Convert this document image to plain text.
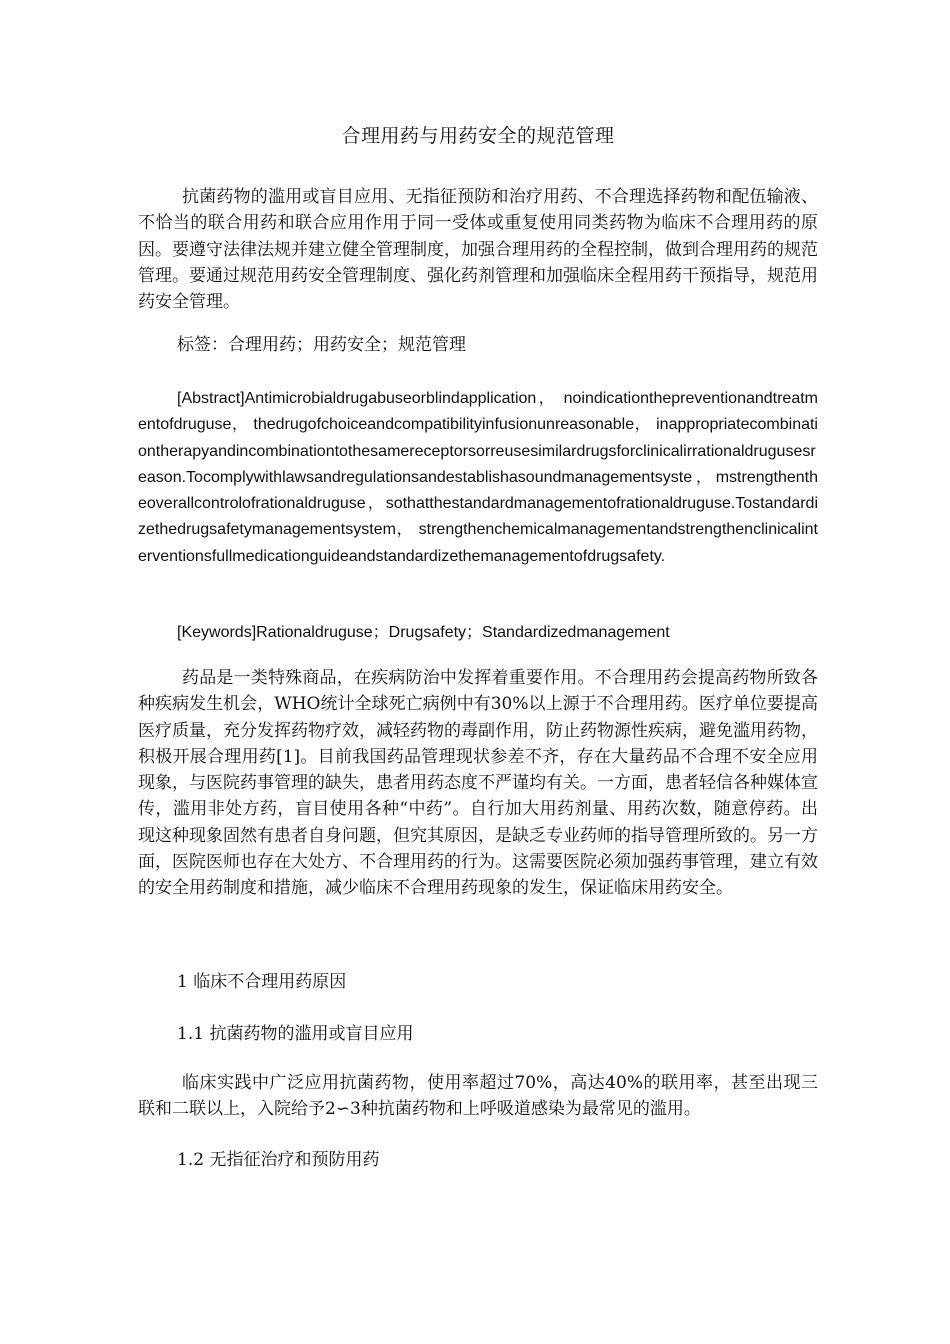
合理用药与用药安全的规范管理
抗菌药物的滥用或盲目应用、无指征预防和治疗用药、不合理选择药物和配伍输液、不恰当的联合用药和联合应用作用于同一受体或重复使用同类药物为临床不合理用药的原因。要遵守法律法规并建立健全管理制度，加强合理用药的全程控制，做到合理用药的规范管理。要通过规范用药安全管理制度、强化药剂管理和加强临床全程用药干预指导，规范用药安全管理。
标签：合理用药；用药安全；规范管理
[Abstract]Antimicrobialdrugabuseorblindapplication， noindicationthepreventionandtreatmentofdruguse， thedrugofchoiceandcompatibilityinfusionunreasonable， inappropriatecombinationtherapyandincombinationtothesamereceptorsorreusesimilardrugsforclinicalirrationaldrugusesreason.Tocomplywithlawsandregulationsandestablishasoundmanagementsyste，mstrengthentheoverallcontrolofrationaldruguse，sothatthestandardmanagementofrationaldruguse.Tostandardizethedrugsafetymanagementsystem， strengthenchemicalmanagementandstrengthenclinicalinterventionsfullmedicationguideandstandardizethemanagementofdrugsafety.
[Keywords]Rationaldruguse；Drugsafety；Standardizedmanagement
药品是一类特殊商品，在疾病防治中发挥着重要作用。不合理用药会提高药物所致各种疾病发生机会，WHO统计全球死亡病例中有30%以上源于不合理用药。医疗单位要提高医疗质量，充分发挥药物疗效，减轻药物的毒副作用，防止药物源性疾病，避免滥用药物，积极开展合理用药[1]。目前我国药品管理现状参差不齐，存在大量药品不合理不安全应用现象，与医院药事管理的缺失，患者用药态度不严谨均有关。一方面，患者轻信各种媒体宣传，滥用非处方药，盲目使用各种“中药”。自行加大用药剂量、用药次数，随意停药。出现这种现象固然有患者自身问题，但究其原因，是缺乏专业药师的指导管理所致的。另一方面，医院医师也存在大处方、不合理用药的行为。这需要医院必须加强药事管理，建立有效的安全用药制度和措施，减少临床不合理用药现象的发生，保证临床用药安全。
1 临床不合理用药原因
1.1 抗菌药物的滥用或盲目应用
临床实践中广泛应用抗菌药物，使用率超过70%，高达40%的联用率，甚至出现三联和二联以上，入院给予2∽3种抗菌药物和上呼吸道感染为最常见的滥用。
1.2 无指征治疗和预防用药
